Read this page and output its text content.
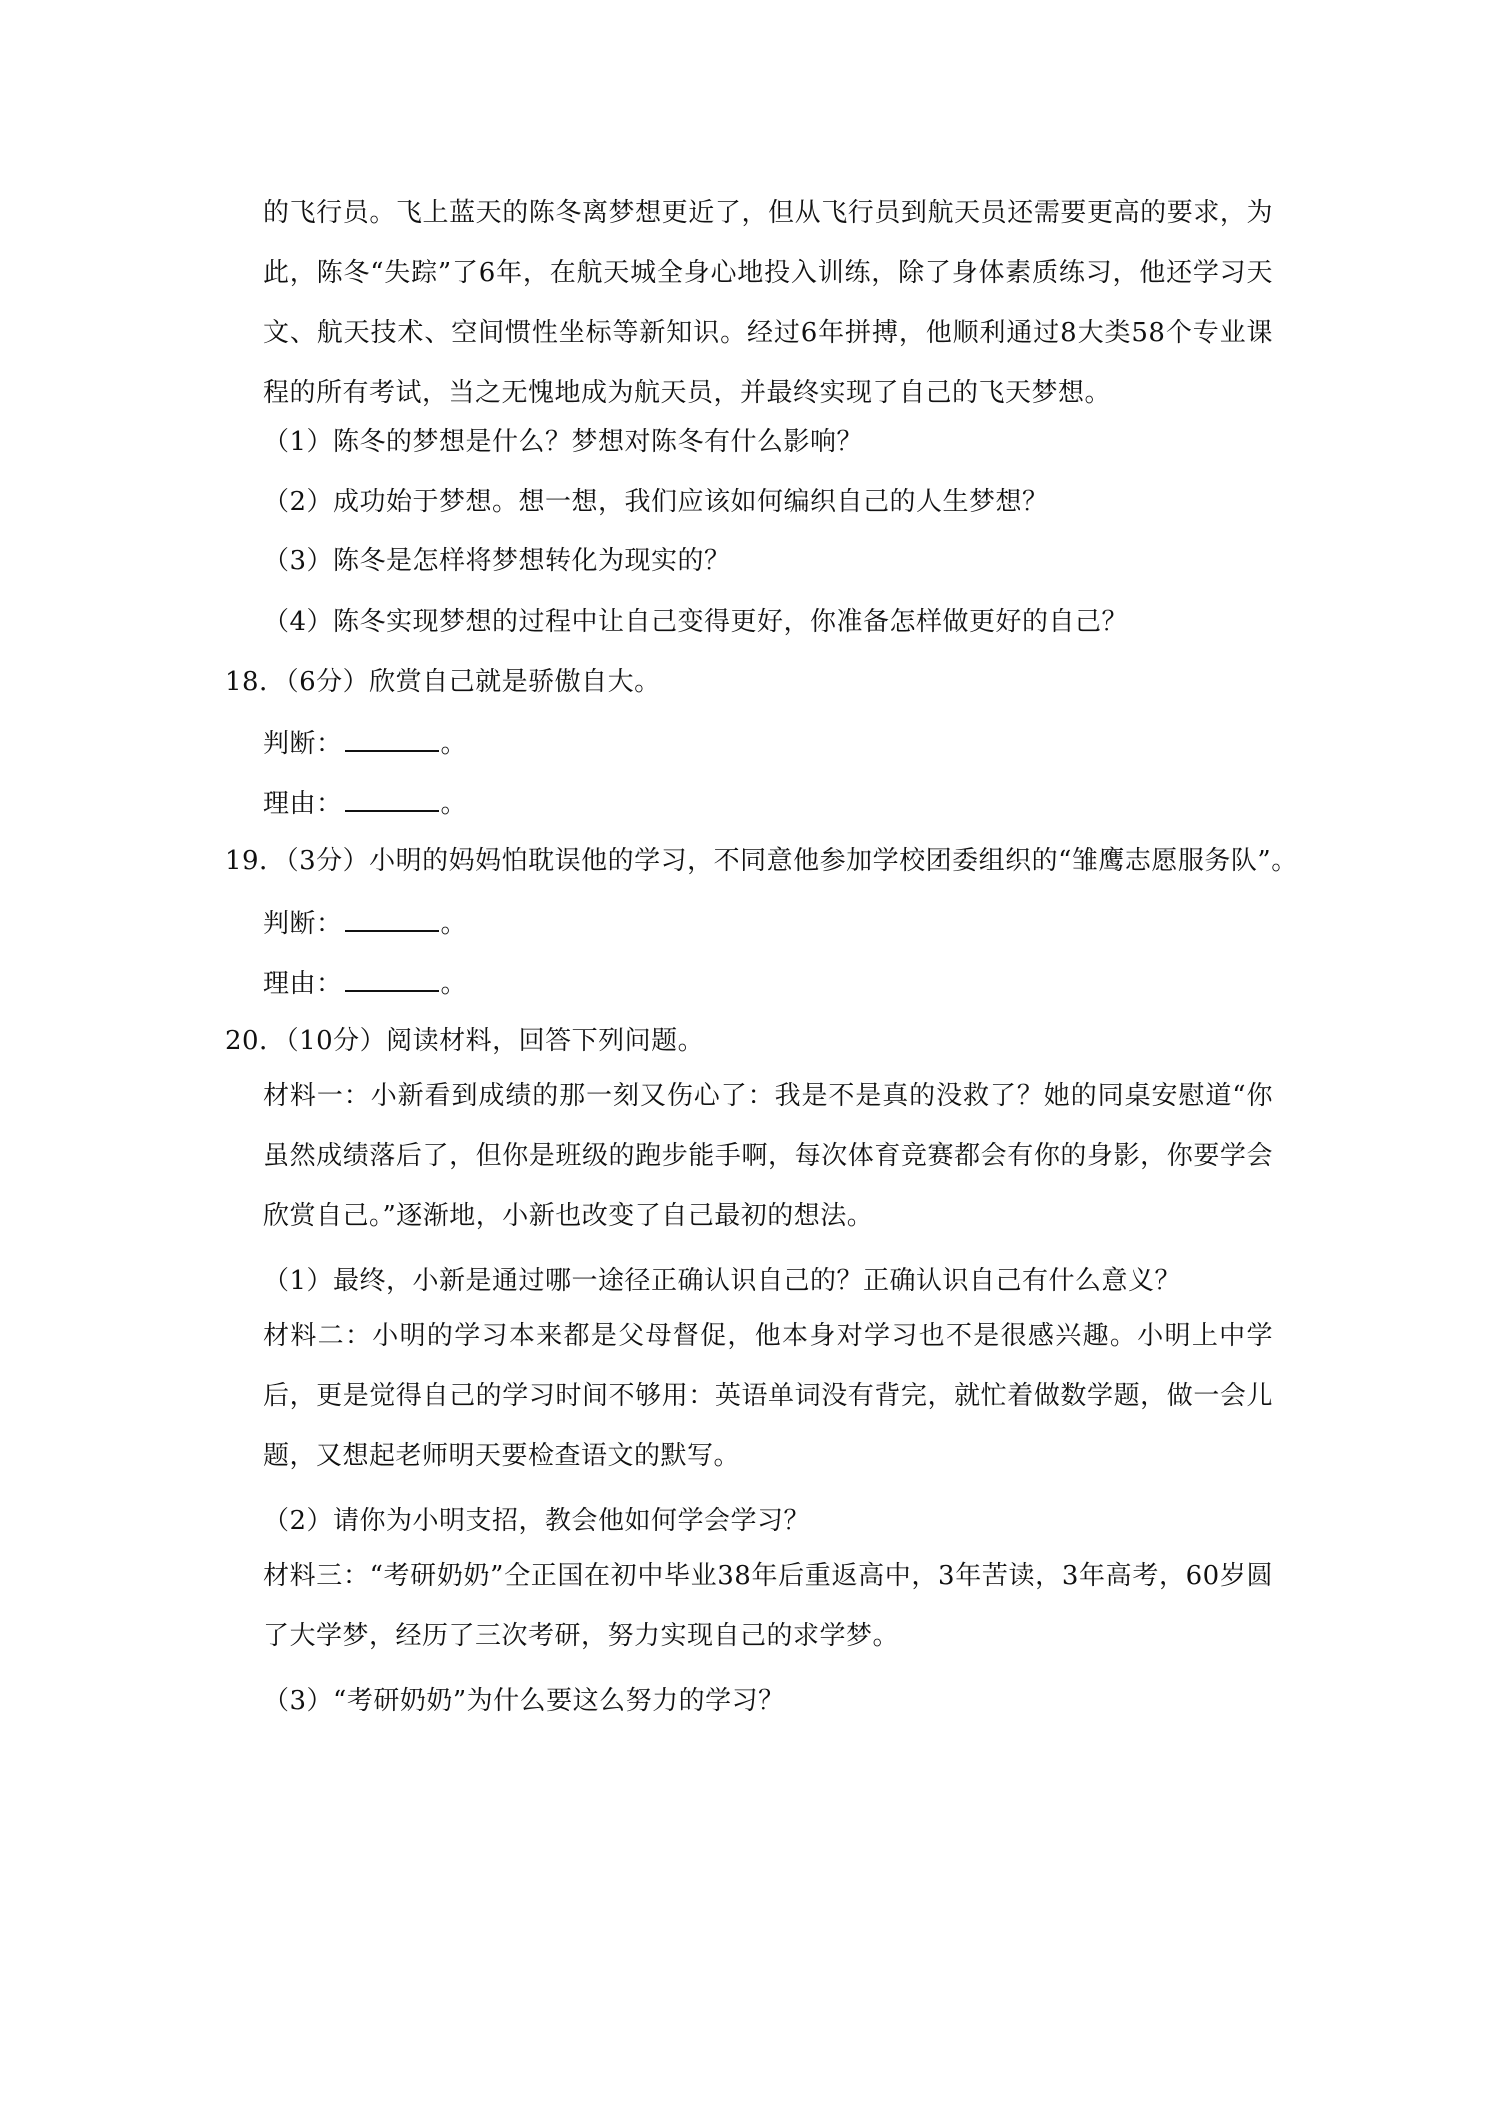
的飞行员。飞上蓝天的陈冬离梦想更近了，但从飞行员到航天员还需要更高的要求，为此，陈冬“失踪”了6年，在航天城全身心地投入训练，除了身体素质练习，他还学习天文、航天技术、空间惯性坐标等新知识。经过6年拼搏，他顺利通过8大类58个专业课程的所有考试，当之无愧地成为航天员，并最终实现了自己的飞天梦想。
（1）陈冬的梦想是什么？梦想对陈冬有什么影响？
（2）成功始于梦想。想一想，我们应该如何编织自己的人生梦想？
（3）陈冬是怎样将梦想转化为现实的？
（4）陈冬实现梦想的过程中让自己变得更好，你准备怎样做更好的自己？
18．（6分）欣赏自己就是骄傲自大。
判断：	。
理由：	。
19．（3分）小明的妈妈怕耽误他的学习，不同意他参加学校团委组织的“雏鹰志愿服务队”。
判断：	。
理由：	。
20．（10分）阅读材料，回答下列问题。
材料一：小新看到成绩的那一刻又伤心了：我是不是真的没救了？她的同桌安慰道“你虽然成绩落后了，但你是班级的跑步能手啊，每次体育竞赛都会有你的身影，你要学会欣赏自己。”逐渐地，小新也改变了自己最初的想法。
（1）最终，小新是通过哪一途径正确认识自己的？正确认识自己有什么意义？
材料二：小明的学习本来都是父母督促，他本身对学习也不是很感兴趣。小明上中学后，更是觉得自己的学习时间不够用：英语单词没有背完，就忙着做数学题，做一会儿题，又想起老师明天要检查语文的默写。
（2）请你为小明支招，教会他如何学会学习？
材料三：“考研奶奶”仝正国在初中毕业38年后重返高中，3年苦读，3年高考，60岁圆了大学梦，经历了三次考研，努力实现自己的求学梦。
（3）“考研奶奶”为什么要这么努力的学习？
